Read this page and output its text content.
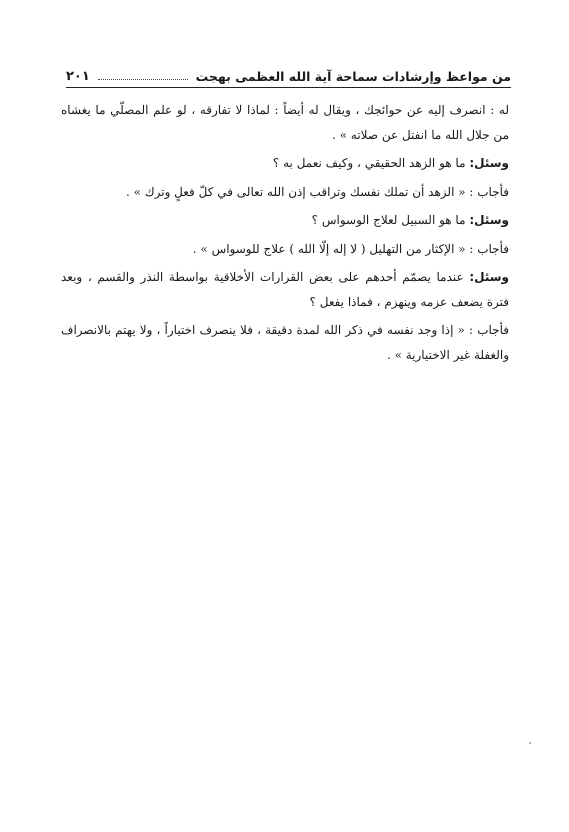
من مواعظ وإرشادات سماحة آية الله العظمى بهجت
٢٠١

له : انصرف إليه عن حوائجك ، ويقال له أيضاً : لماذا لا تفارقه ، لو علم المصلّي ما يغشاه من جلال الله ما انفتل عن صلاته » .

وسئل: ما هو الزهد الحقيقي ، وكيف نعمل به ؟

فأجاب : « الزهد أن تملك نفسك وتراقب إذن الله تعالى في كلّ فعلٍ وترك » .

وسئل: ما هو السبيل لعلاج الوسواس ؟

فأجاب : « الإكثار من التهليل ( لا إله إلّا الله ) علاج للوسواس » .

وسئل: عندما يصمّم أحدهم على بعض القرارات الأخلاقية بواسطة النذر والقسم ، وبعد فترة يضعف عزمه وينهزم ، فماذا يفعل ؟

فأجاب : « إذا وجد نفسه في ذكر الله لمدة دقيقة ، فلا ينصرف اختياراً ، ولا يهتم بالانصراف والغفلة غير الاختيارية » .
